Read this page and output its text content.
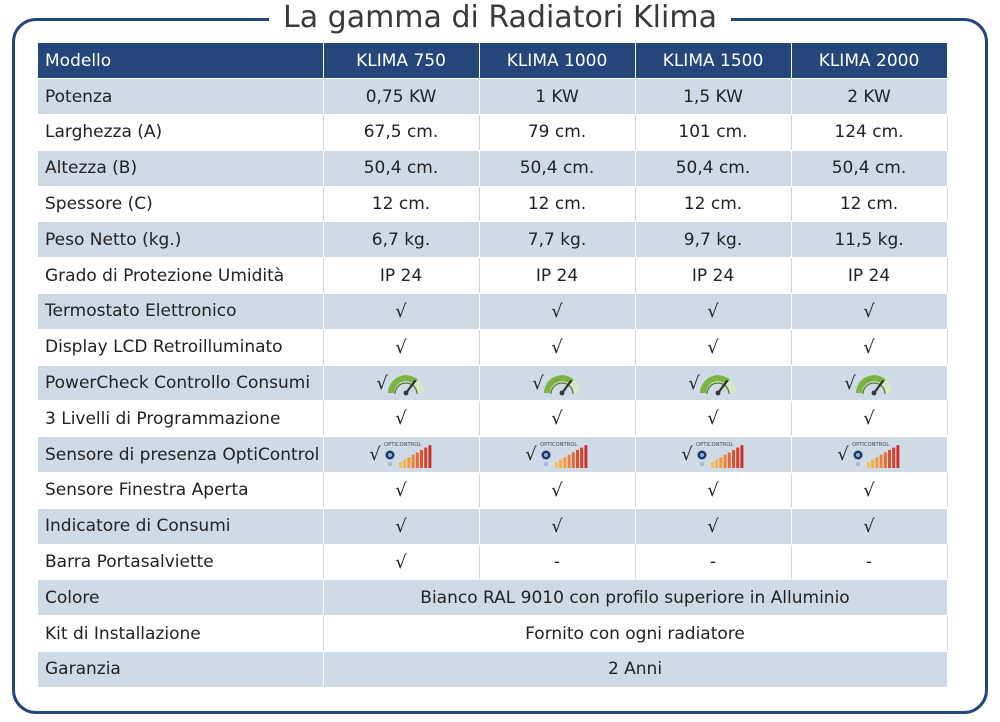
La gamma di Radiatori Klima
Modello	KLIMA 750	KLIMA 1000	KLIMA 1500	KLIMA 2000
Potenza	0,75 KW	1 KW	1,5 KW	2 KW
Larghezza (A)	67,5 cm.	79 cm.	101 cm.	124 cm.
Altezza (B)	50,4 cm.	50,4 cm.	50,4 cm.	50,4 cm.
Spessore (C)	12 cm.	12 cm.	12 cm.	12 cm.
Peso Netto (kg.)	6,7 kg.	7,7 kg.	9,7 kg.	11,5 kg.
Grado di Protezione Umidità	IP 24	IP 24	IP 24	IP 24
Termostato Elettronico	√	√	√	√
Display LCD Retroilluminato	√	√	√	√
PowerCheck Controllo Consumi	√	√	√	√

3 Livelli di Programmazione	√	√	√	√
Sensore di presenza OptiControl	√ OPTICONTROL	√ OPTICONTROL	√ OPTICONTROL	√ OPTICONTROL

Sensore Finestra Aperta	√	√	√	√
Indicatore di Consumi	√	√	√	√
Barra Portasalviette	√	-	-	-
Colore	Bianco RAL 9010 con profilo superiore in Alluminio			
Kit di Installazione	Fornito con ogni radiatore			
Garanzia	2 Anni			
